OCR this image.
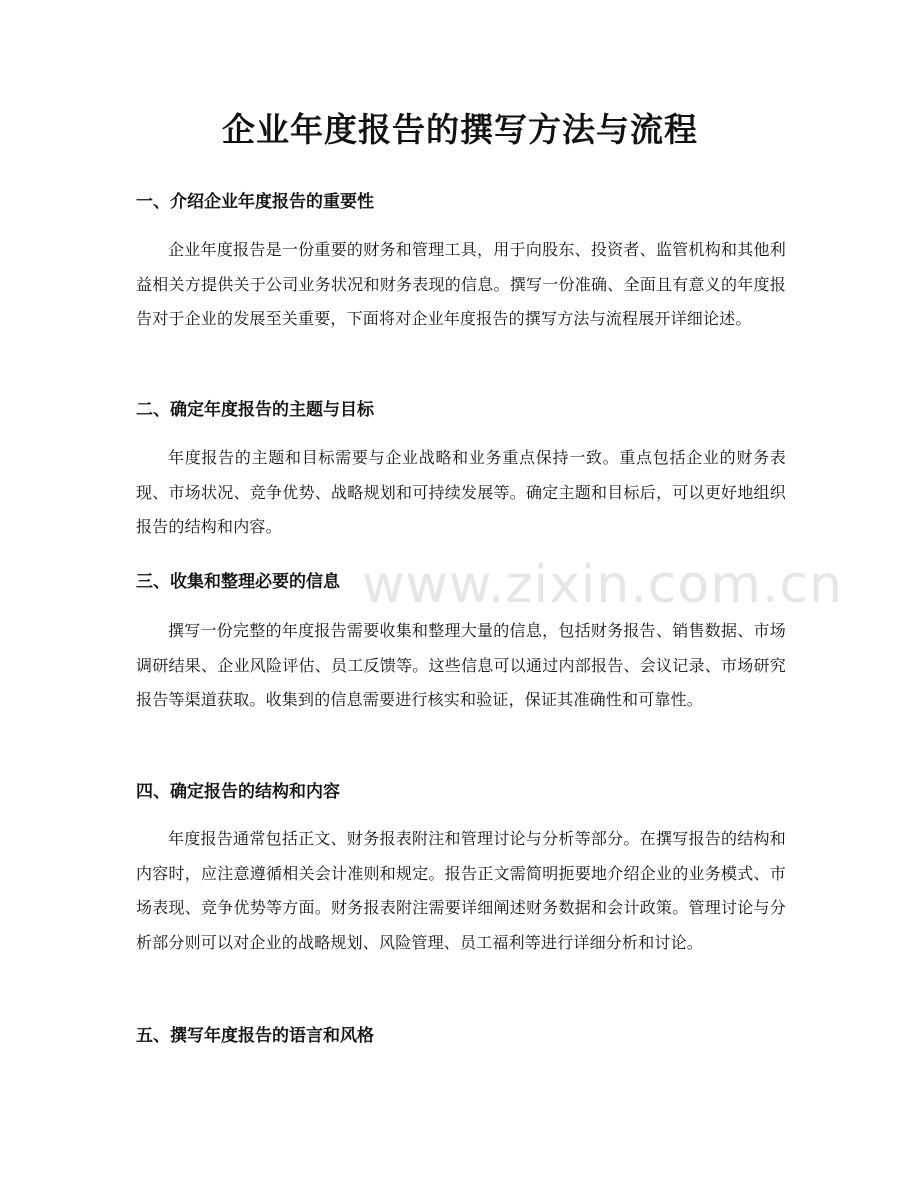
www.zixin.com.cn
企业年度报告的撰写方法与流程
一、介绍企业年度报告的重要性

企业年度报告是一份重要的财务和管理工具，用于向股东、投资者、监管机构和其他利益相关方提供关于公司业务状况和财务表现的信息。撰写一份准确、全面且有意义的年度报告对于企业的发展至关重要，下面将对企业年度报告的撰写方法与流程展开详细论述。

二、确定年度报告的主题与目标

年度报告的主题和目标需要与企业战略和业务重点保持一致。重点包括企业的财务表现、市场状况、竞争优势、战略规划和可持续发展等。确定主题和目标后，可以更好地组织报告的结构和内容。

三、收集和整理必要的信息

撰写一份完整的年度报告需要收集和整理大量的信息，包括财务报告、销售数据、市场调研结果、企业风险评估、员工反馈等。这些信息可以通过内部报告、会议记录、市场研究报告等渠道获取。收集到的信息需要进行核实和验证，保证其准确性和可靠性。

四、确定报告的结构和内容

年度报告通常包括正文、财务报表附注和管理讨论与分析等部分。在撰写报告的结构和内容时，应注意遵循相关会计准则和规定。报告正文需简明扼要地介绍企业的业务模式、市场表现、竞争优势等方面。财务报表附注需要详细阐述财务数据和会计政策。管理讨论与分析部分则可以对企业的战略规划、风险管理、员工福利等进行详细分析和讨论。

五、撰写年度报告的语言和风格
